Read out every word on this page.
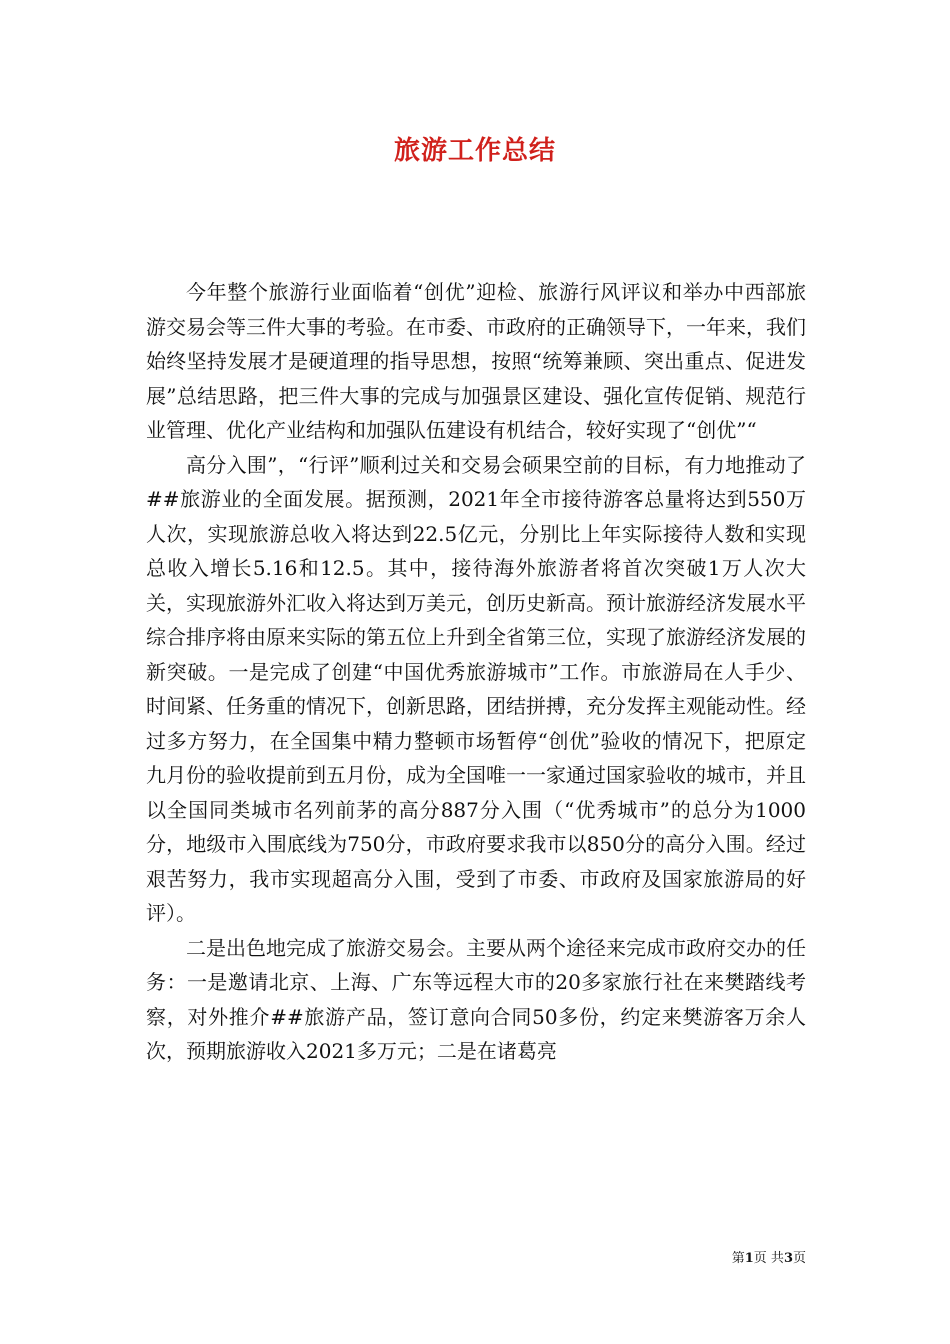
旅游工作总结

今年整个旅游行业面临着“创优”迎检、旅游行风评议和举办中西部旅游交易会等三件大事的考验。在市委、市政府的正确领导下，一年来，我们始终坚持发展才是硬道理的指导思想，按照“统筹兼顾、突出重点、促进发展”总结思路，把三件大事的完成与加强景区建设、强化宣传促销、规范行业管理、优化产业结构和加强队伍建设有机结合，较好实现了“创优”“

高分入围”，“行评”顺利过关和交易会硕果空前的目标，有力地推动了##旅游业的全面发展。据预测，2021年全市接待游客总量将达到550万人次，实现旅游总收入将达到22.5亿元，分别比上年实际接待人数和实现总收入增长5.16和12.5。其中，接待海外旅游者将首次突破1万人次大关，实现旅游外汇收入将达到万美元，创历史新高。预计旅游经济发展水平综合排序将由原来实际的第五位上升到全省第三位，实现了旅游经济发展的新突破。一是完成了创建“中国优秀旅游城市”工作。市旅游局在人手少、时间紧、任务重的情况下，创新思路，团结拼搏，充分发挥主观能动性。经过多方努力，在全国集中精力整顿市场暂停“创优”验收的情况下，把原定九月份的验收提前到五月份，成为全国唯一一家通过国家验收的城市，并且以全国同类城市名列前茅的高分887分入围（“优秀城市”的总分为1000分，地级市入围底线为750分，市政府要求我市以850分的高分入围。经过艰苦努力，我市实现超高分入围，受到了市委、市政府及国家旅游局的好评）。

二是出色地完成了旅游交易会。主要从两个途径来完成市政府交办的任务：一是邀请北京、上海、广东等远程大市的20多家旅行社在来樊踏线考察，对外推介##旅游产品，签订意向合同50多份，约定来樊游客万余人次，预期旅游收入2021多万元；二是在诸葛亮

第1页 共3页
